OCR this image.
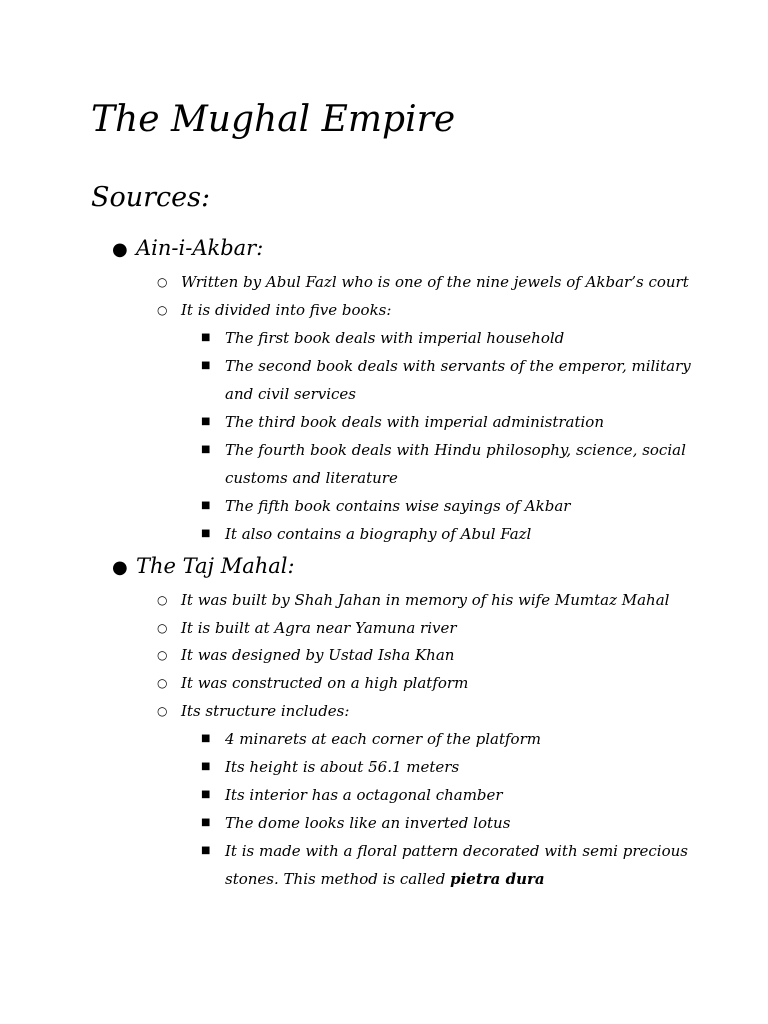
The Mughal Empire
Sources:
● Ain-i-Akbar:
○ Written by Abul Fazl who is one of the nine jewels of Akbar’s court
○ It is divided into five books:
■ The first book deals with imperial household
■ The second book deals with servants of the emperor, military
and civil services
■ The third book deals with imperial administration
■ The fourth book deals with Hindu philosophy, science, social
customs and literature
■ The fifth book contains wise sayings of Akbar
■ It also contains a biography of Abul Fazl
● The Taj Mahal:
○ It was built by Shah Jahan in memory of his wife Mumtaz Mahal
○ It is built at Agra near Yamuna river
○ It was designed by Ustad Isha Khan
○ It was constructed on a high platform
○ Its structure includes:
■ 4 minarets at each corner of the platform
■ Its height is about 56.1 meters
■ Its interior has a octagonal chamber
■ The dome looks like an inverted lotus
■ It is made with a floral pattern decorated with semi precious
stones. This method is called pietra dura
